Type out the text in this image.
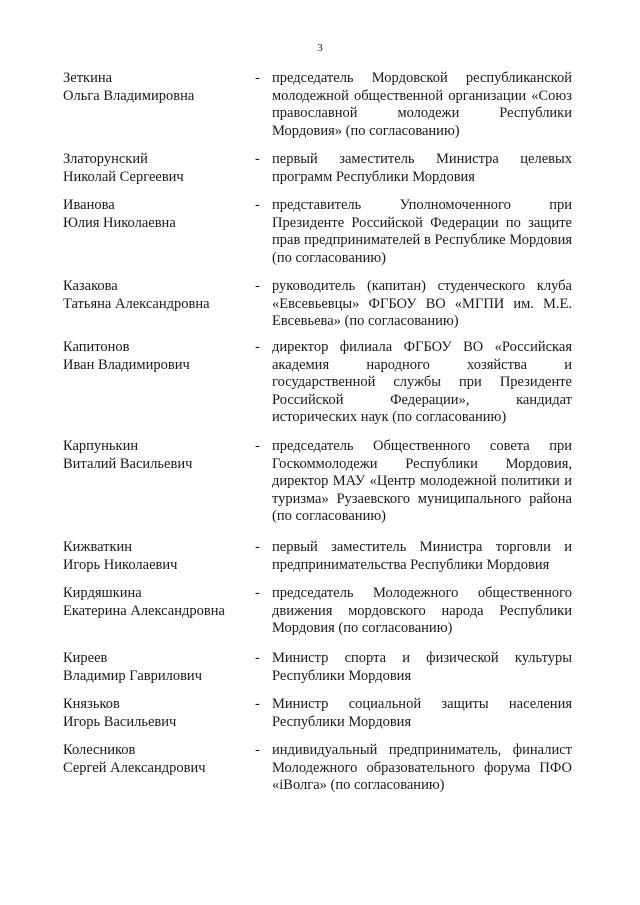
3
Зеткина
Ольга Владимировна
- председатель Мордовской республиканской молодежной общественной организации «Союз православной молодежи Республики Мордовия» (по согласованию)
Златорунский
Николай Сергеевич
- первый заместитель Министра целевых программ Республики Мордовия
Иванова
Юлия Николаевна
- представитель Уполномоченного при Президенте Российской Федерации по защите прав предпринимателей в Республике Мордовия (по согласованию)
Казакова
Татьяна Александровна
- руководитель (капитан) студенческого клуба «Евсевьевцы» ФГБОУ ВО «МГПИ им. М.Е. Евсевьева» (по согласованию)
Капитонов
Иван Владимирович
- директор филиала ФГБОУ ВО «Российская академия народного хозяйства и государственной службы при Президенте Российской Федерации», кандидат исторических наук (по согласованию)
Карпунькин
Виталий Васильевич
- председатель Общественного совета при Госкоммолодежи Республики Мордовия, директор МАУ «Центр молодежной политики и туризма» Рузаевского муниципального района (по согласованию)
Кижваткин
Игорь Николаевич
- первый заместитель Министра торговли и предпринимательства Республики Мордовия
Кирдяшкина
Екатерина Александровна
- председатель Молодежного общественного движения мордовского народа Республики Мордовия (по согласованию)
Киреев
Владимир Гаврилович
- Министр спорта и физической культуры Республики Мордовия
Князьков
Игорь Васильевич
- Министр социальной защиты населения Республики Мордовия
Колесников
Сергей Александрович
- индивидуальный предприниматель, финалист Молодежного образовательного форума ПФО «iВолга» (по согласованию)
